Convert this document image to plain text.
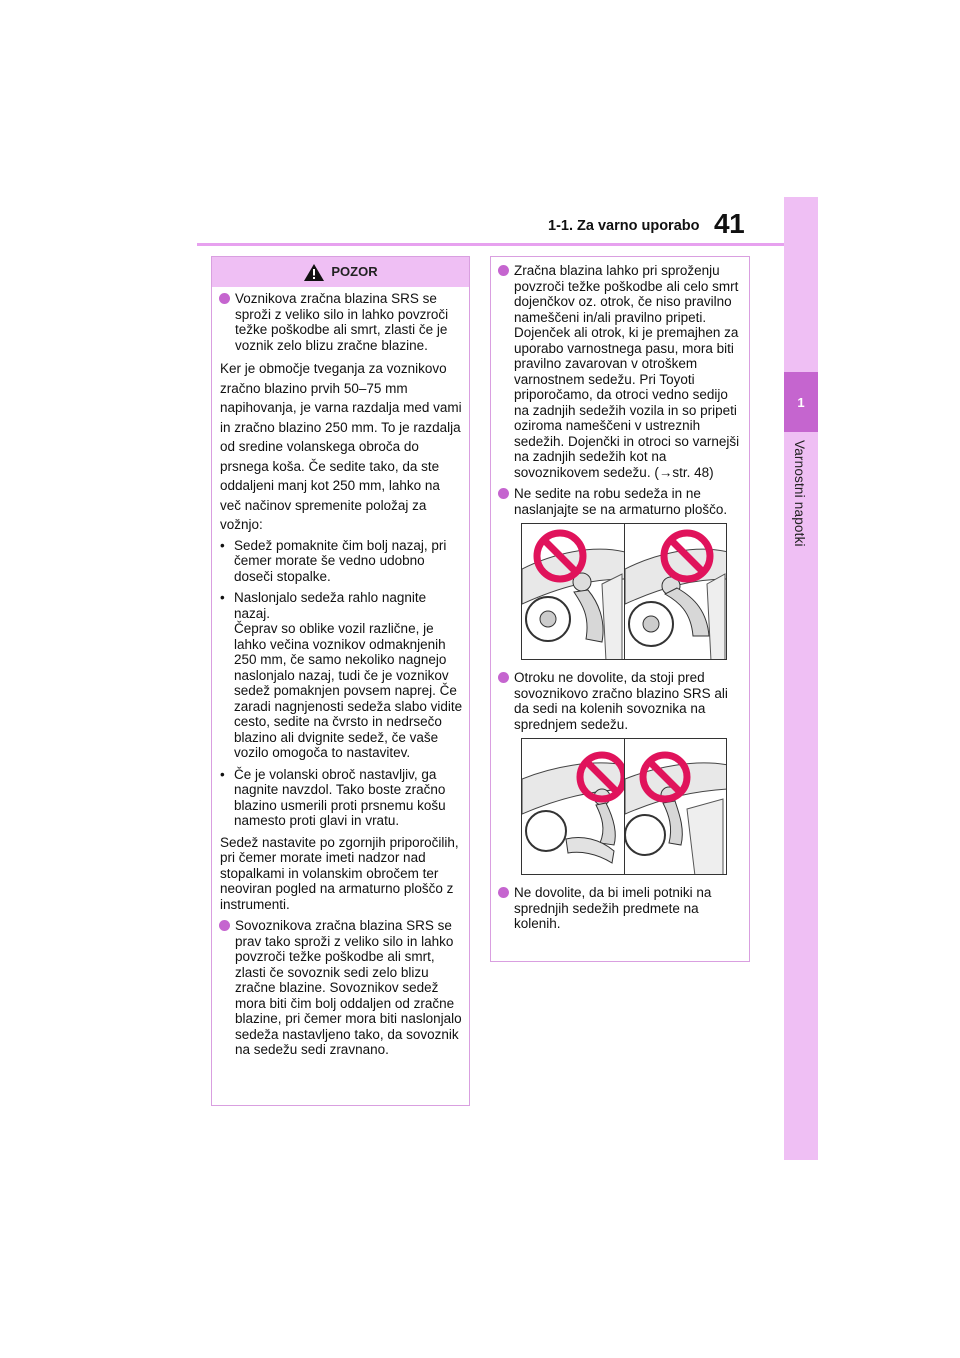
1-1. Za varno uporabo 41
1
Varnostni napotki
POZOR
Voznikova zračna blazina SRS se sproži z veliko silo in lahko povzroči težke poškodbe ali smrt, zlasti če je voznik zelo blizu zračne blazine.
Ker je območje tveganja za voznikovo zračno blazino prvih 50–75 mm napihovanja, je varna razdalja med vami in zračno blazino 250 mm. To je razdalja od sredine volanskega obroča do prsnega koša. Če sedite tako, da ste oddaljeni manj kot 250 mm, lahko na več načinov spremenite položaj za vožnjo:
• Sedež pomaknite čim bolj nazaj, pri čemer morate še vedno udobno doseči stopalke.
• Naslonjalo sedeža rahlo nagnite nazaj.
Čeprav so oblike vozil različne, je lahko večina voznikov odmaknjenih 250 mm, če samo nekoliko nagnejo naslonjalo nazaj, tudi če je voznikov sedež pomaknjen povsem naprej. Če zaradi nagnjenosti sedeža slabo vidite cesto, sedite na čvrsto in nedrsečo blazino ali dvignite sedež, če vaše vozilo omogoča to nastavitev.
• Če je volanski obroč nastavljiv, ga nagnite navzdol. Tako boste zračno blazino usmerili proti prsnemu košu namesto proti glavi in vratu.
Sedež nastavite po zgornjih priporočilih, pri čemer morate imeti nadzor nad stopalkami in volanskim obročem ter neoviran pogled na armaturno ploščo z instrumenti.
Sovoznikova zračna blazina SRS se prav tako sproži z veliko silo in lahko povzroči težke poškodbe ali smrt, zlasti če sovoznik sedi zelo blizu zračne blazine. Sovoznikov sedež mora biti čim bolj oddaljen od zračne blazine, pri čemer mora biti naslonjalo sedeža nastavljeno tako, da sovoznik na sedežu sedi zravnano.
Zračna blazina lahko pri sproženju povzroči težke poškodbe ali celo smrt dojenčkov oz. otrok, če niso pravilno nameščeni in/ali pravilno pripeti. Dojenček ali otrok, ki je premajhen za uporabo varnostnega pasu, mora biti pravilno zavarovan v otroškem varnostnem sedežu. Pri Toyoti priporočamo, da otroci vedno sedijo na zadnjih sedežih vozila in so pripeti oziroma nameščeni v ustreznih sedežih. Dojenčki in otroci so varnejši na zadnjih sedežih kot na sovoznikovem sedežu. (→str. 48)
Ne sedite na robu sedeža in ne naslanjajte se na armaturno ploščo.
Otroku ne dovolite, da stoji pred sovoznikovo zračno blazino SRS ali da sedi na kolenih sovoznika na sprednjem sedežu.
Ne dovolite, da bi imeli potniki na sprednjih sedežih predmete na kolenih.
